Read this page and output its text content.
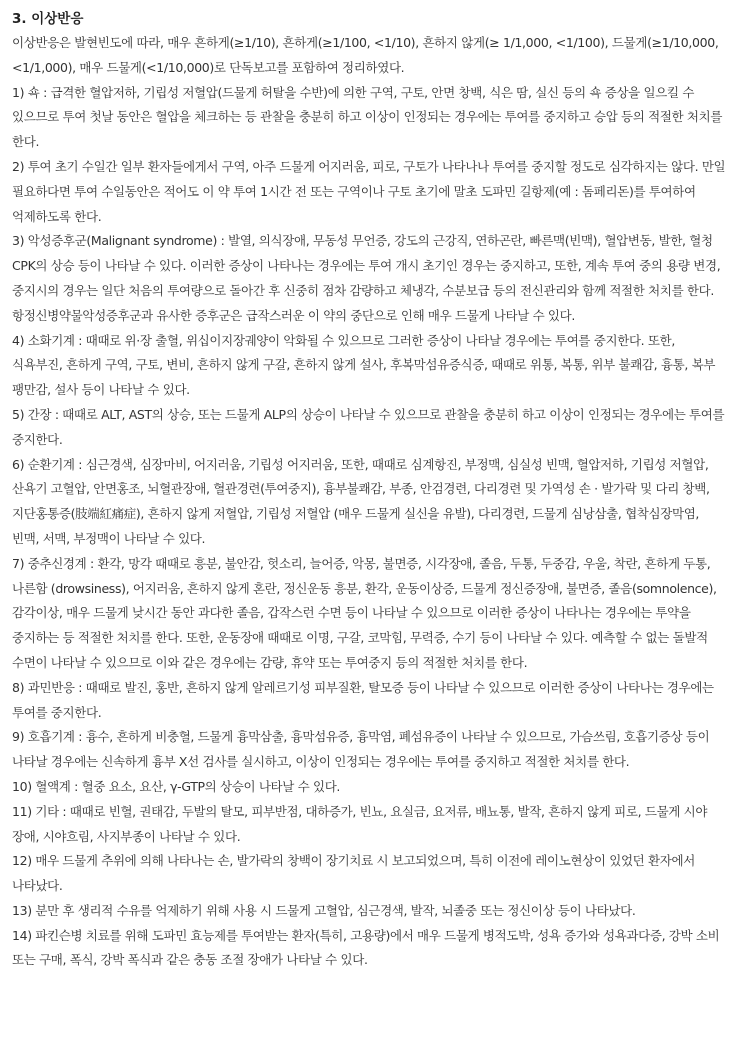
3. 이상반응

이상반응은 발현빈도에 따라, 매우 흔하게(≥1/10), 흔하게(≥1/100, <1/10), 흔하지 않게(≥ 1/1,000, <1/100), 드물게(≥1/10,000, <1/1,000), 매우 드물게(<1/10,000)로 단독보고를 포함하여 정리하였다.

1) 쇽 : 급격한 혈압저하, 기립성 저혈압(드물게 허탈을 수반)에 의한 구역, 구토, 안면 창백, 식은 땀, 실신 등의 쇽 증상을 일으킬 수 있으므로 투여 첫날 동안은 혈압을 체크하는 등 관찰을 충분히 하고 이상이 인정되는 경우에는 투여를 중지하고 승압 등의 적절한 처치를 한다.

2) 투여 초기 수일간 일부 환자들에게서 구역, 아주 드물게 어지러움, 피로, 구토가 나타나나 투여를 중지할 정도로 심각하지는 않다. 만일 필요하다면 투여 수일동안은 적어도 이 약 투여 1시간 전 또는 구역이나 구토 초기에 말초 도파민 길항제(예 : 돔페리돈)를 투여하여 억제하도록 한다.

3) 악성증후군(Malignant syndrome) : 발열, 의식장애, 무동성 무언증, 강도의 근강직, 연하곤란, 빠른맥(빈맥), 혈압변동, 발한, 혈청 CPK의 상승 등이 나타날 수 있다. 이러한 증상이 나타나는 경우에는 투여 개시 초기인 경우는 중지하고, 또한, 계속 투여 중의 용량 변경, 중지시의 경우는 일단 처음의 투여량으로 돌아간 후 신중히 점차 감량하고 체냉각, 수분보급 등의 전신관리와 함께 적절한 처치를 한다. 항정신병약물악성증후군과 유사한 증후군은 급작스러운 이 약의 중단으로 인해 매우 드물게 나타날 수 있다.

4) 소화기계 : 때때로 위·장 출혈, 위십이지장궤양이 악화될 수 있으므로 그러한 증상이 나타날 경우에는 투여를 중지한다. 또한, 식욕부진, 흔하게 구역, 구토, 변비, 흔하지 않게 구갈, 흔하지 않게 설사, 후복막섬유증식증, 때때로 위통, 복통, 위부 불쾌감, 흉통, 복부 팽만감, 설사 등이 나타날 수 있다.

5) 간장 : 때때로 ALT, AST의 상승, 또는 드물게 ALP의 상승이 나타날 수 있으므로 관찰을 충분히 하고 이상이 인정되는 경우에는 투여를 중지한다.

6) 순환기계 : 심근경색, 심장마비, 어지러움, 기립성 어지러움, 또한, 때때로 심계항진, 부정맥, 심실성 빈맥, 혈압저하, 기립성 저혈압, 산욕기 고혈압, 안면홍조, 뇌혈관장애, 혈관경련(투여중지), 흉부불쾌감, 부종, 안검경련, 다리경련 및 가역성 손 · 발가락 및 다리 창백, 지단홍통증(肢端紅痛症), 흔하지 않게 저혈압, 기립성 저혈압 (매우 드물게 실신을 유발), 다리경련, 드물게 심낭삼출, 협착심장막염, 빈맥, 서맥, 부정맥이 나타날 수 있다.

7) 중추신경계 : 환각, 망각 때때로 흥분, 불안감, 헛소리, 늘어증, 악몽, 불면증, 시각장애, 졸음, 두통, 두중감, 우울, 착란, 흔하게 두통, 나른함 (drowsiness), 어지러움, 흔하지 않게 혼란, 정신운동 흥분, 환각, 운동이상증, 드물게 정신증장애, 불면증, 졸음(somnolence), 감각이상, 매우 드물게 낮시간 동안 과다한 졸음, 갑작스런 수면 등이 나타날 수 있으므로 이러한 증상이 나타나는 경우에는 투약을 중지하는 등 적절한 처치를 한다. 또한, 운동장애 때때로 이명, 구갈, 코막힘, 무력증, 수기 등이 나타날 수 있다. 예측할 수 없는 돌발적 수면이 나타날 수 있으므로 이와 같은 경우에는 감량, 휴약 또는 투여중지 등의 적절한 처치를 한다.

8) 과민반응 : 때때로 발진, 홍반, 흔하지 않게 알레르기성 피부질환, 탈모증 등이 나타날 수 있으므로 이러한 증상이 나타나는 경우에는 투여를 중지한다.

9) 호흡기계 : 흉수, 흔하게 비충혈, 드물게 흉막삼출, 흉막섬유증, 흉막염, 폐섬유증이 나타날 수 있으므로, 가슴쓰림, 호흡기증상 등이 나타날 경우에는 신속하게 흉부 X선 검사를 실시하고, 이상이 인정되는 경우에는 투여를 중지하고 적절한 처치를 한다.

10) 혈액계 : 혈중 요소, 요산, γ-GTP의 상승이 나타날 수 있다.

11) 기타 : 때때로 빈혈, 권태감, 두발의 탈모, 피부반점, 대하증가, 빈뇨, 요실금, 요저류, 배뇨통, 발작, 흔하지 않게 피로, 드물게 시야 장애, 시야흐림, 사지부종이 나타날 수 있다.

12) 매우 드물게 추위에 의해 나타나는 손, 발가락의 창백이 장기치료 시 보고되었으며, 특히 이전에 레이노현상이 있었던 환자에서 나타났다.

13) 분만 후 생리적 수유를 억제하기 위해 사용 시 드물게 고혈압, 심근경색, 발작, 뇌졸중 또는 정신이상 등이 나타났다.

14) 파킨슨병 치료를 위해 도파민 효능제를 투여받는 환자(특히, 고용량)에서 매우 드물게 병적도박, 성욕 증가와 성욕과다증, 강박 소비 또는 구매, 폭식, 강박 폭식과 같은 충동 조절 장애가 나타날 수 있다.
